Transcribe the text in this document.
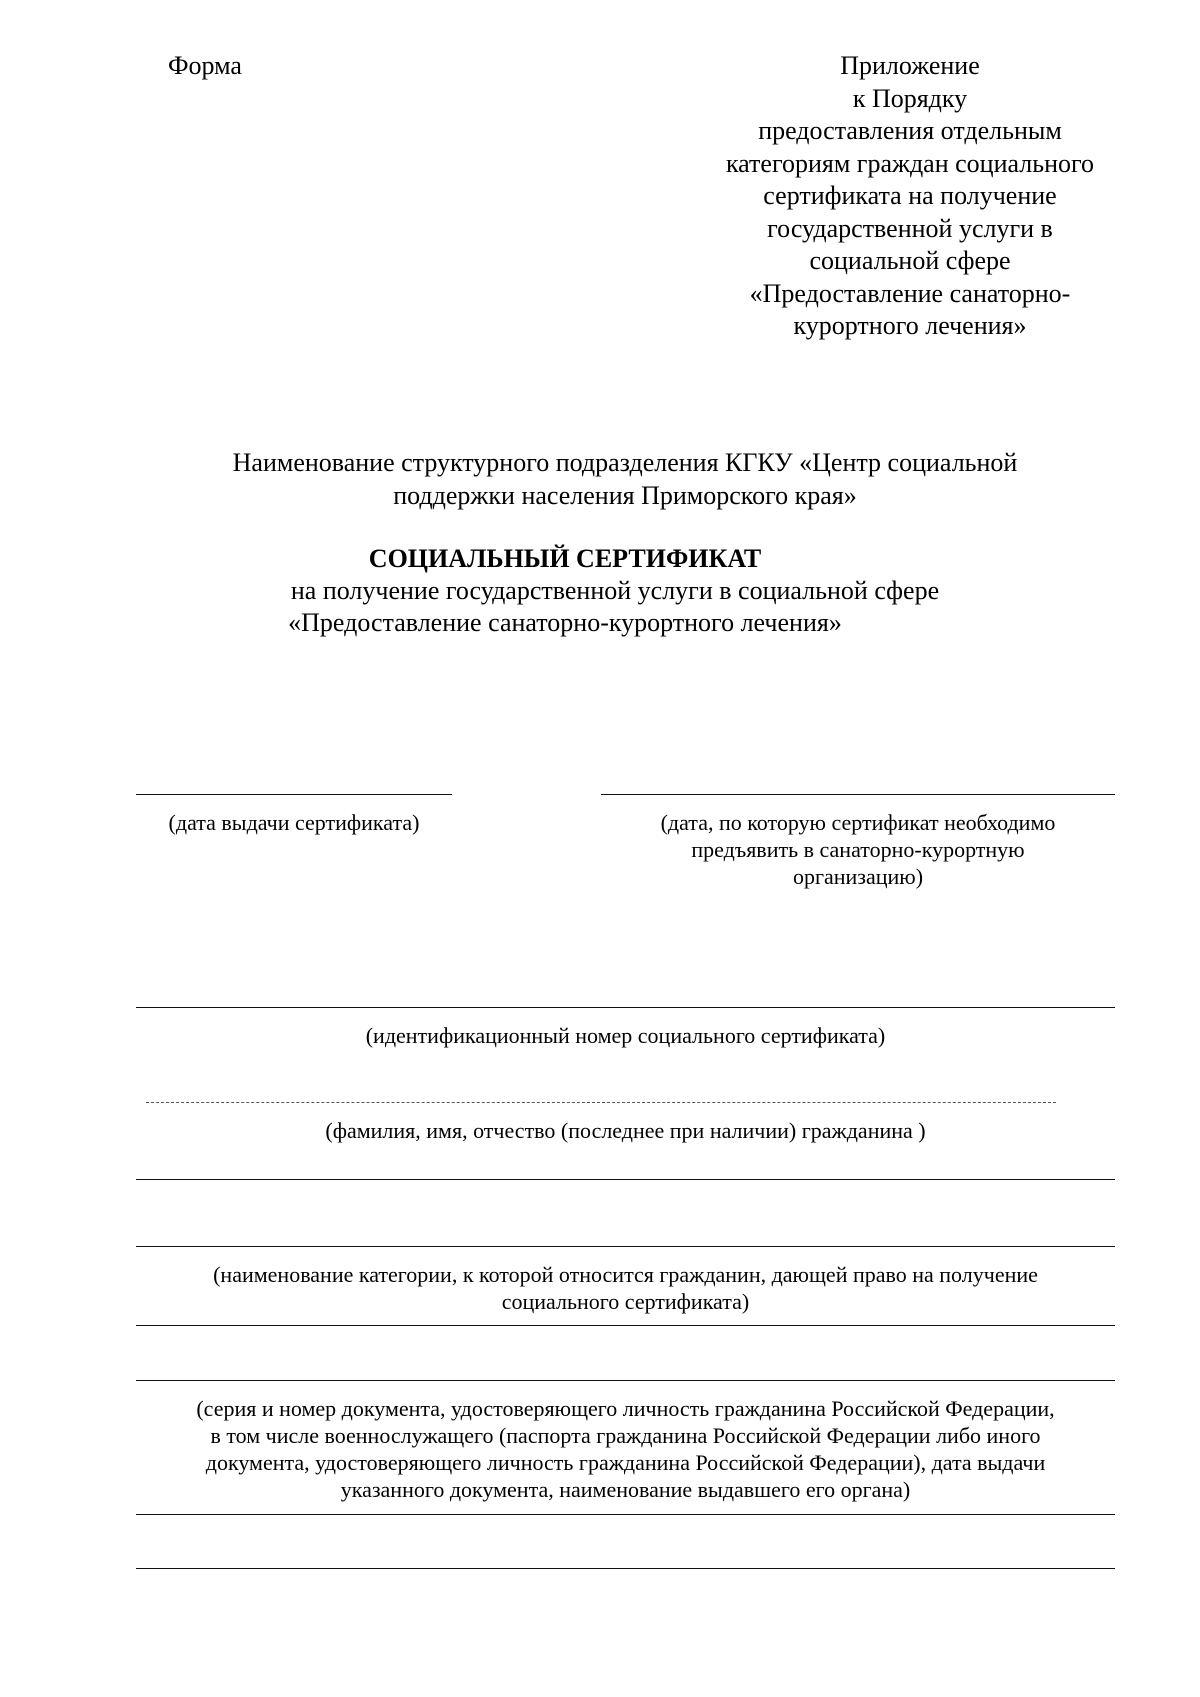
Форма	Приложение
к Порядку
предоставления отдельным
категориям граждан социального
сертификата на получение
государственной услуги в
социальной сфере
«Предоставление санаторно-
курортного лечения»
Наименование структурного подразделения КГКУ «Центр социальной
поддержки населения Приморского края»
СОЦИАЛЬНЫЙ СЕРТИФИКАТ
на получение государственной услуги в социальной сфере
«Предоставление санаторно-курортного лечения»
(дата выдачи сертификата)	(дата, по которую сертификат необходимо
предъявить в санаторно-курортную
организацию)
(идентификационный номер социального сертификата)
(фамилия, имя, отчество (последнее при наличии) гражданина )
(наименование категории, к которой относится гражданин, дающей право на получение
социального сертификата)
(серия и номер документа, удостоверяющего личность гражданина Российской Федерации,
в том числе военнослужащего (паспорта гражданина Российской Федерации либо иного
документа, удостоверяющего личность гражданина Российской Федерации), дата выдачи
указанного документа, наименование выдавшего его органа)
